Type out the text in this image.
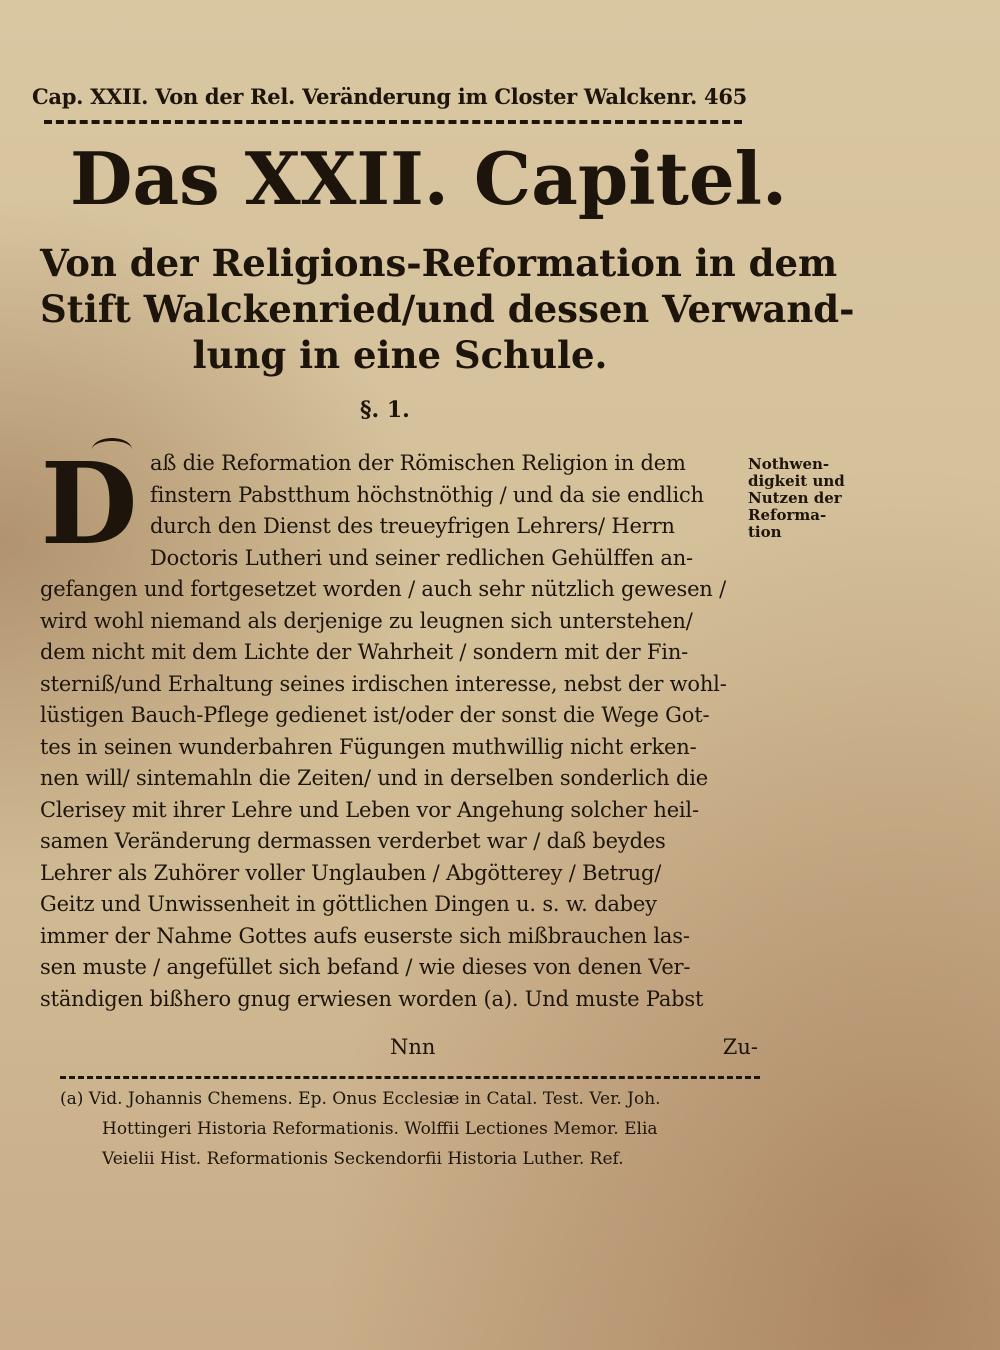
Cap. XXII. Von der Rel. Veränderung im Closter Walckenr. 465
Das XXII. Capitel.
Von der Religions-Reformation in dem
Stift Walckenried/und dessen Verwand-
lung in eine Schule.
§. 1.
D aß die Reformation der Römischen Religion in dem
finstern Pabstthum höchstnöthig / und da sie endlich
durch den Dienst des treueyfrigen Lehrers/ Herrn
Doctoris Lutheri und seiner redlichen Gehülffen an-
gefangen und fortgesetzet worden / auch sehr nützlich gewesen /
wird wohl niemand als derjenige zu leugnen sich unterstehen/
dem nicht mit dem Lichte der Wahrheit / sondern mit der Fin-
sterniß/und Erhaltung seines irdischen interesse, nebst der wohl-
lüstigen Bauch-Pflege gedienet ist/oder der sonst die Wege Got-
tes in seinen wunderbahren Fügungen muthwillig nicht erken-
nen will/ sintemahln die Zeiten/ und in derselben sonderlich die
Clerisey mit ihrer Lehre und Leben vor Angehung solcher heil-
samen Veränderung dermassen verderbet war / daß beydes
Lehrer als Zuhörer voller Unglauben / Abgötterey / Betrug/
Geitz und Unwissenheit in göttlichen Dingen u. s. w. dabey
immer der Nahme Gottes aufs euserste sich mißbrauchen las-
sen muste / angefüllet sich befand / wie dieses von denen Ver-
ständigen bißhero gnug erwiesen worden (a). Und muste Pabst
Nothwen-
digkeit und
Nutzen der
Reforma-
tion
Nnn	Zu-
(a) Vid. Johannis Chemens. Ep. Onus Ecclesiæ in Catal. Test. Ver. Joh.
Hottingeri Historia Reformationis. Wolffii Lectiones Memor. Elia
Veielii Hist. Reformationis Seckendorfii Historia Luther. Ref.
